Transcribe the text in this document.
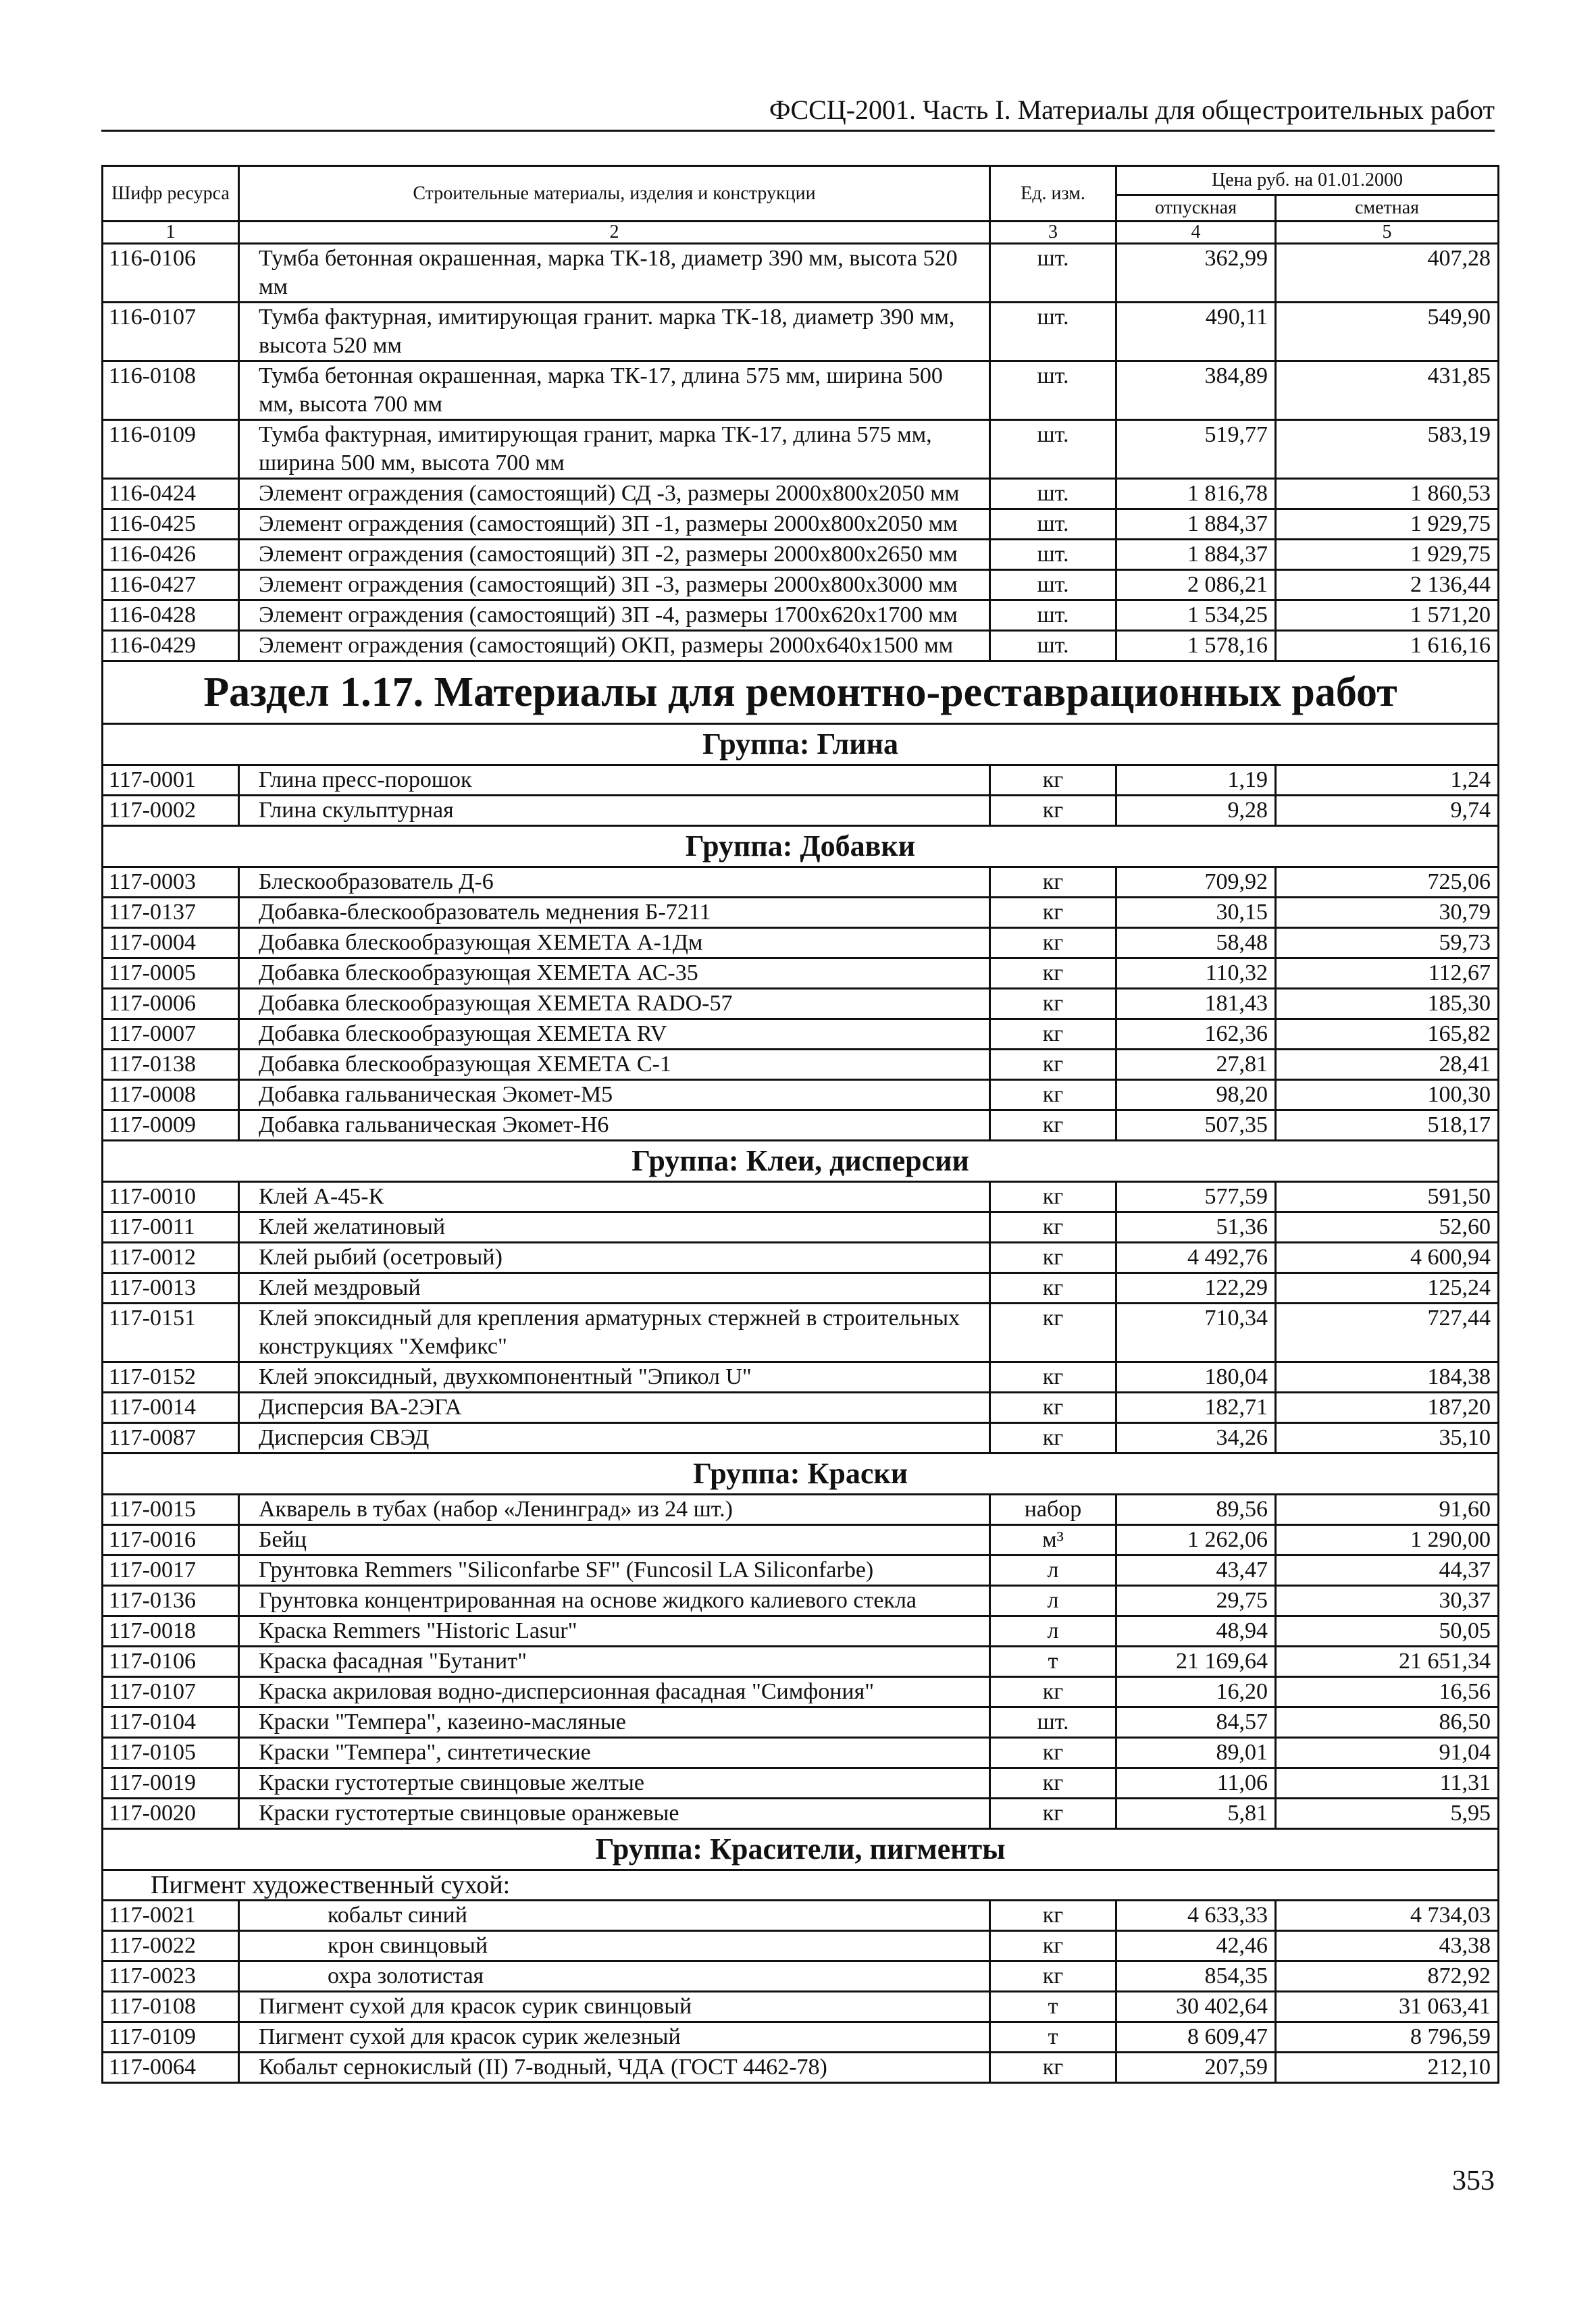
ФССЦ-2001. Часть I. Материалы для общестроительных работ
Шифр ресурса	Строительные материалы, изделия и конструкции	Ед. изм.	Цена руб. на 01.01.2000	
			отпускная	сметная
1	2	3	4	5
116-0106	Тумба бетонная окрашенная, марка ТК-18, диаметр 390 мм, высота 520 мм	шт.	362,99	407,28
116-0107	Тумба фактурная, имитирующая гранит. марка ТК-18, диаметр 390 мм, высота 520 мм	шт.	490,11	549,90
116-0108	Тумба бетонная окрашенная, марка ТК-17, длина 575 мм, ширина 500 мм, высота 700 мм	шт.	384,89	431,85
116-0109	Тумба фактурная, имитирующая гранит, марка ТК-17, длина 575 мм, ширина 500 мм, высота 700 мм	шт.	519,77	583,19
116-0424	Элемент ограждения (самостоящий) СД -3, размеры 2000х800х2050 мм	шт.	1 816,78	1 860,53
116-0425	Элемент ограждения (самостоящий) ЗП -1, размеры 2000х800х2050 мм	шт.	1 884,37	1 929,75
116-0426	Элемент ограждения (самостоящий) ЗП -2, размеры 2000х800х2650 мм	шт.	1 884,37	1 929,75
116-0427	Элемент ограждения (самостоящий) ЗП -3, размеры 2000х800х3000 мм	шт.	2 086,21	2 136,44
116-0428	Элемент ограждения (самостоящий) ЗП -4, размеры 1700х620х1700 мм	шт.	1 534,25	1 571,20
116-0429	Элемент ограждения (самостоящий) ОКП, размеры 2000х640х1500 мм	шт.	1 578,16	1 616,16
Раздел 1.17. Материалы для ремонтно-реставрационных работ				
Группа: Глина				
117-0001	Глина пресс-порошок	кг	1,19	1,24
117-0002	Глина скульптурная	кг	9,28	9,74
Группа: Добавки				
117-0003	Блескообразователь Д-6	кг	709,92	725,06
117-0137	Добавка-блескообразователь меднения Б-7211	кг	30,15	30,79
117-0004	Добавка блескообразующая ХЕМЕТА А-1Дм	кг	58,48	59,73
117-0005	Добавка блескообразующая ХЕМЕТА АС-35	кг	110,32	112,67
117-0006	Добавка блескообразующая ХЕМЕТА RADO-57	кг	181,43	185,30
117-0007	Добавка блескообразующая ХЕМЕТА RV	кг	162,36	165,82
117-0138	Добавка блескообразующая ХЕМЕТА С-1	кг	27,81	28,41
117-0008	Добавка гальваническая Экомет-М5	кг	98,20	100,30
117-0009	Добавка гальваническая Экомет-Н6	кг	507,35	518,17
Группа: Клеи, дисперсии				
117-0010	Клей А-45-К	кг	577,59	591,50
117-0011	Клей желатиновый	кг	51,36	52,60
117-0012	Клей рыбий (осетровый)	кг	4 492,76	4 600,94
117-0013	Клей мездровый	кг	122,29	125,24
117-0151	Клей эпоксидный для крепления арматурных стержней в строительных конструкциях "Хемфикс"	кг	710,34	727,44
117-0152	Клей эпоксидный, двухкомпонентный "Эпикол U"	кг	180,04	184,38
117-0014	Дисперсия ВА-2ЭГА	кг	182,71	187,20
117-0087	Дисперсия СВЭД	кг	34,26	35,10
Группа: Краски				
117-0015	Акварель в тубах (набор «Ленинград» из 24 шт.)	набор	89,56	91,60
117-0016	Бейц	м³	1 262,06	1 290,00
117-0017	Грунтовка Remmers "Siliconfarbe SF" (Funcosil LA Siliconfarbe)	л	43,47	44,37
117-0136	Грунтовка концентрированная на основе жидкого калиевого стекла	л	29,75	30,37
117-0018	Краска Remmers "Historic Lasur"	л	48,94	50,05
117-0106	Краска фасадная "Бутанит"	т	21 169,64	21 651,34
117-0107	Краска акриловая водно-дисперсионная фасадная "Симфония"	кг	16,20	16,56
117-0104	Краски "Темпера", казеино-масляные	шт.	84,57	86,50
117-0105	Краски "Темпера", синтетические	кг	89,01	91,04
117-0019	Краски густотертые свинцовые желтые	кг	11,06	11,31
117-0020	Краски густотертые свинцовые оранжевые	кг	5,81	5,95
Группа: Красители, пигменты				
Пигмент художественный сухой:				
117-0021	кобальт синий	кг	4 633,33	4 734,03
117-0022	крон свинцовый	кг	42,46	43,38
117-0023	охра золотистая	кг	854,35	872,92
117-0108	Пигмент сухой для красок сурик свинцовый	т	30 402,64	31 063,41
117-0109	Пигмент сухой для красок сурик железный	т	8 609,47	8 796,59
117-0064	Кобальт сернокислый (II) 7-водный, ЧДА (ГОСТ 4462-78)	кг	207,59	212,10
353
